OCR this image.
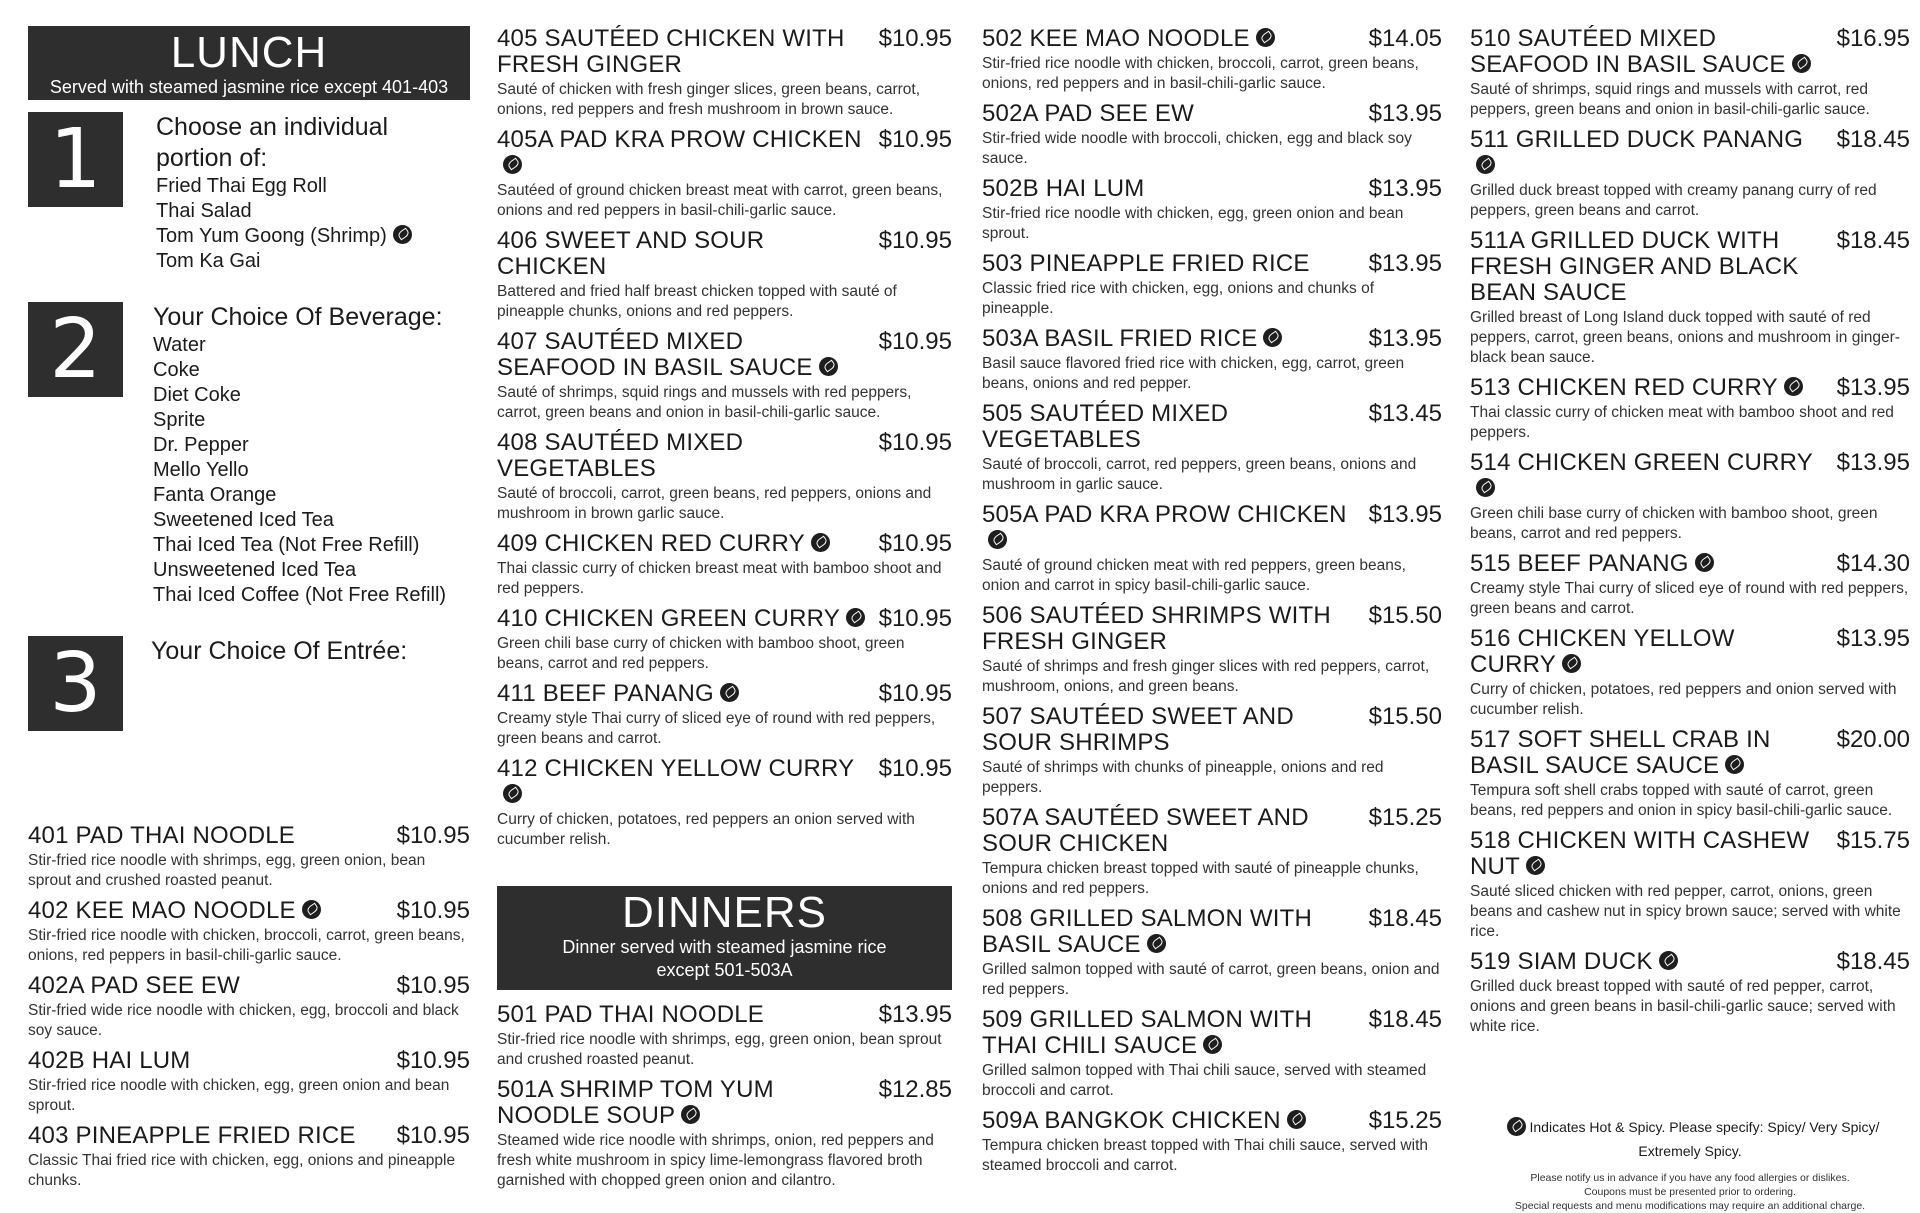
LUNCH
Served with steamed jasmine rice except 401-403
1	Choose an individual portion of:
Fried Thai Egg Roll
Thai Salad
Tom Yum Goong (Shrimp)
Tom Ka Gai
2	Your Choice Of Beverage:
Water
Coke
Diet Coke
Sprite
Dr. Pepper
Mello Yello
Fanta Orange
Sweetened Iced Tea
Thai Iced Tea (Not Free Refill)
Unsweetened Iced Tea
Thai Iced Coffee (Not Free Refill)
3	Your Choice Of Entrée:
401 PAD THAI NOODLE	$10.95
Stir-fried rice noodle with shrimps, egg, green onion, bean sprout and crushed roasted peanut.
402 KEE MAO NOODLE	$10.95
Stir-fried rice noodle with chicken, broccoli, carrot, green beans, onions, red peppers in basil-chili-garlic sauce.
402A PAD SEE EW	$10.95
Stir-fried wide rice noodle with chicken, egg, broccoli and black soy sauce.
402B HAI LUM	$10.95
Stir-fried rice noodle with chicken, egg, green onion and bean sprout.
403 PINEAPPLE FRIED RICE	$10.95
Classic Thai fried rice with chicken, egg, onions and pineapple chunks.
405 SAUTÉED CHICKEN WITH FRESH GINGER
$10.95
Sauté of chicken with fresh ginger slices, green beans, carrot, onions, red peppers and fresh mushroom in brown sauce.
405A PAD KRA PROW CHICKEN $10.95
Sautéed of ground chicken breast meat with carrot, green beans, onions and red peppers in basil-chili-garlic sauce.
406 SWEET AND SOUR CHICKEN
$10.95
Battered and fried half breast chicken topped with sauté of pineapple chunks, onions and red peppers.
407 SAUTÉED MIXED SEAFOOD IN BASIL SAUCE
$10.95
Sauté of shrimps, squid rings and mussels with red peppers, carrot, green beans and onion in basil-chili-garlic sauce.
408 SAUTÉED MIXED VEGETABLES
$10.95
Sauté of broccoli, carrot, green beans, red peppers, onions and mushroom in brown garlic sauce.
409 CHICKEN RED CURRY	$10.95
Thai classic curry of chicken breast meat with bamboo shoot and red peppers.
410 CHICKEN GREEN CURRY	$10.95
Green chili base curry of chicken with bamboo shoot, green beans, carrot and red peppers.
411 BEEF PANANG	$10.95
Creamy style Thai curry of sliced eye of round with red peppers, green beans and carrot.
412 CHICKEN YELLOW CURRY	$10.95
Curry of chicken, potatoes, red peppers an onion served with cucumber relish.
DINNERS
Dinner served with steamed jasmine rice
except 501-503A
501 PAD THAI NOODLE	$13.95
Stir-fried rice noodle with shrimps, egg, green onion, bean sprout and crushed roasted peanut.
501A SHRIMP TOM YUM NOODLE SOUP
$12.85
Steamed wide rice noodle with shrimps, onion, red peppers and fresh white mushroom in spicy lime-lemongrass flavored broth garnished with chopped green onion and cilantro.
502 KEE MAO NOODLE	$14.05
Stir-fried rice noodle with chicken, broccoli, carrot, green beans, onions, red peppers and in basil-chili-garlic sauce.
502A PAD SEE EW	$13.95
Stir-fried wide noodle with broccoli, chicken, egg and black soy sauce.
502B HAI LUM	$13.95
Stir-fried rice noodle with chicken, egg, green onion and bean sprout.
503 PINEAPPLE FRIED RICE	$13.95
Classic fried rice with chicken, egg, onions and chunks of pineapple.
503A BASIL FRIED RICE	$13.95
Basil sauce flavored fried rice with chicken, egg, carrot, green beans, onions and red pepper.
505 SAUTÉED MIXED VEGETABLES
$13.45
Sauté of broccoli, carrot, red peppers, green beans, onions and mushroom in garlic sauce.
505A PAD KRA PROW CHICKEN $13.95
Sauté of ground chicken meat with red peppers, green beans, onion and carrot in spicy basil-chili-garlic sauce.
506 SAUTÉED SHRIMPS WITH FRESH GINGER
$15.50
Sauté of shrimps and fresh ginger slices with red peppers, carrot, mushroom, onions, and green beans.
507 SAUTÉED SWEET AND SOUR SHRIMPS
$15.50
Sauté of shrimps with chunks of pineapple, onions and red peppers.
507A SAUTÉED SWEET AND SOUR CHICKEN
$15.25
Tempura chicken breast topped with sauté of pineapple chunks, onions and red peppers.
508 GRILLED SALMON WITH BASIL SAUCE
$18.45
Grilled salmon topped with sauté of carrot, green beans, onion and red peppers.
509 GRILLED SALMON WITH THAI CHILI SAUCE
$18.45
Grilled salmon topped with Thai chili sauce, served with steamed broccoli and carrot.
509A BANGKOK CHICKEN	$15.25
Tempura chicken breast topped with Thai chili sauce, served with steamed broccoli and carrot.
510 SAUTÉED MIXED SEAFOOD IN BASIL SAUCE
$16.95
Sauté of shrimps, squid rings and mussels with carrot, red peppers, green beans and onion in basil-chili-garlic sauce.
511 GRILLED DUCK PANANG	$18.45
Grilled duck breast topped with creamy panang curry of red peppers, green beans and carrot.
511A GRILLED DUCK WITH FRESH GINGER AND BLACK BEAN SAUCE
$18.45
Grilled breast of Long Island duck topped with sauté of red peppers, carrot, green beans, onions and mushroom in ginger-black bean sauce.
513 CHICKEN RED CURRY	$13.95
Thai classic curry of chicken meat with bamboo shoot and red peppers.
514 CHICKEN GREEN CURRY $13.95
Green chili base curry of chicken with bamboo shoot, green beans, carrot and red peppers.
515 BEEF PANANG	$14.30
Creamy style Thai curry of sliced eye of round with red peppers, green beans and carrot.
516 CHICKEN YELLOW CURRY
$13.95
Curry of chicken, potatoes, red peppers and onion served with cucumber relish.
517 SOFT SHELL CRAB IN BASIL SAUCE SAUCE
$20.00
Tempura soft shell crabs topped with sauté of carrot, green beans, red peppers and onion in spicy basil-chili-garlic sauce.
518 CHICKEN WITH CASHEW NUT
$15.75
Sauté sliced chicken with red pepper, carrot, onions, green beans and cashew nut in spicy brown sauce; served with white rice.
519 SIAM DUCK	$18.45
Grilled duck breast topped with sauté of red pepper, carrot, onions and green beans in basil-chili-garlic sauce; served with white rice.
Indicates Hot & Spicy. Please specify: Spicy/ Very Spicy/ Extremely Spicy.
Please notify us in advance if you have any food allergies or dislikes.
Coupons must be presented prior to ordering.
Special requests and menu modifications may require an additional charge.
